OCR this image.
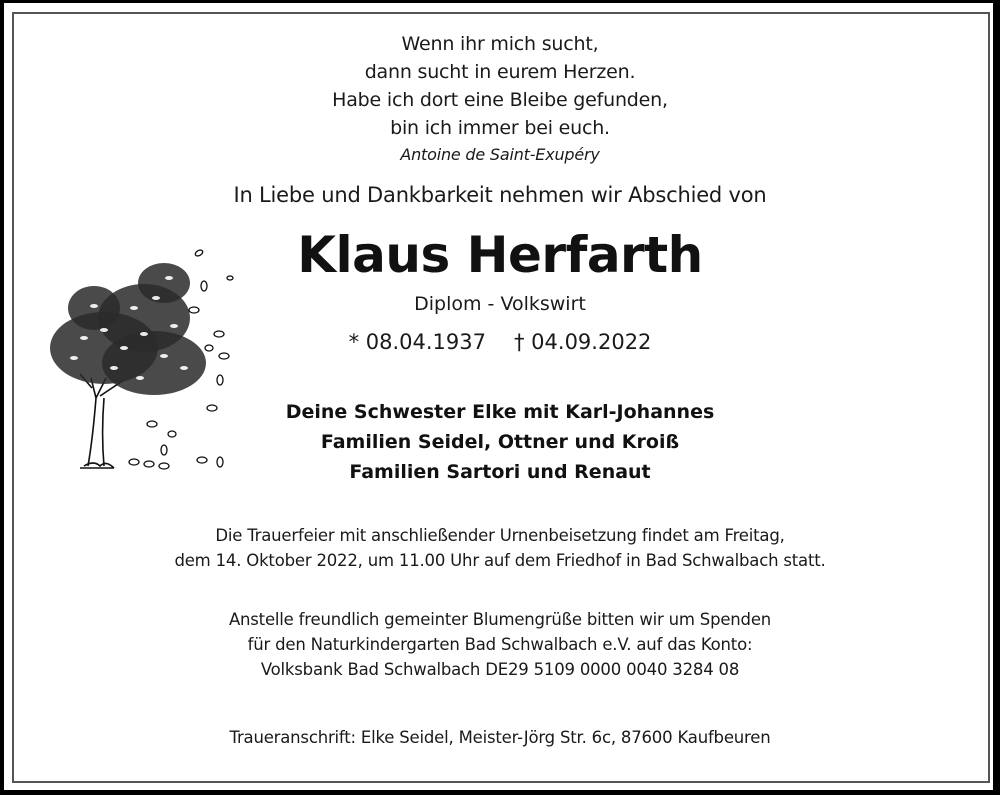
Wenn ihr mich sucht,
dann sucht in eurem Herzen.
Habe ich dort eine Bleibe gefunden,
bin ich immer bei euch.
Antoine de Saint-Exupéry
In Liebe und Dankbarkeit nehmen wir Abschied von
Klaus Herfarth
Diplom - Volkswirt
* 08.04.1937 † 04.09.2022
Deine Schwester Elke mit Karl-Johannes
Familien Seidel, Ottner und Kroiß
Familien Sartori und Renaut
Die Trauerfeier mit anschließender Urnenbeisetzung findet am Freitag,
dem 14. Oktober 2022, um 11.00 Uhr auf dem Friedhof in Bad Schwalbach statt.
Anstelle freundlich gemeinter Blumengrüße bitten wir um Spenden
für den Naturkindergarten Bad Schwalbach e.V. auf das Konto:
Volksbank Bad Schwalbach DE29 5109 0000 0040 3284 08
Traueranschrift: Elke Seidel, Meister-Jörg Str. 6c, 87600 Kaufbeuren
